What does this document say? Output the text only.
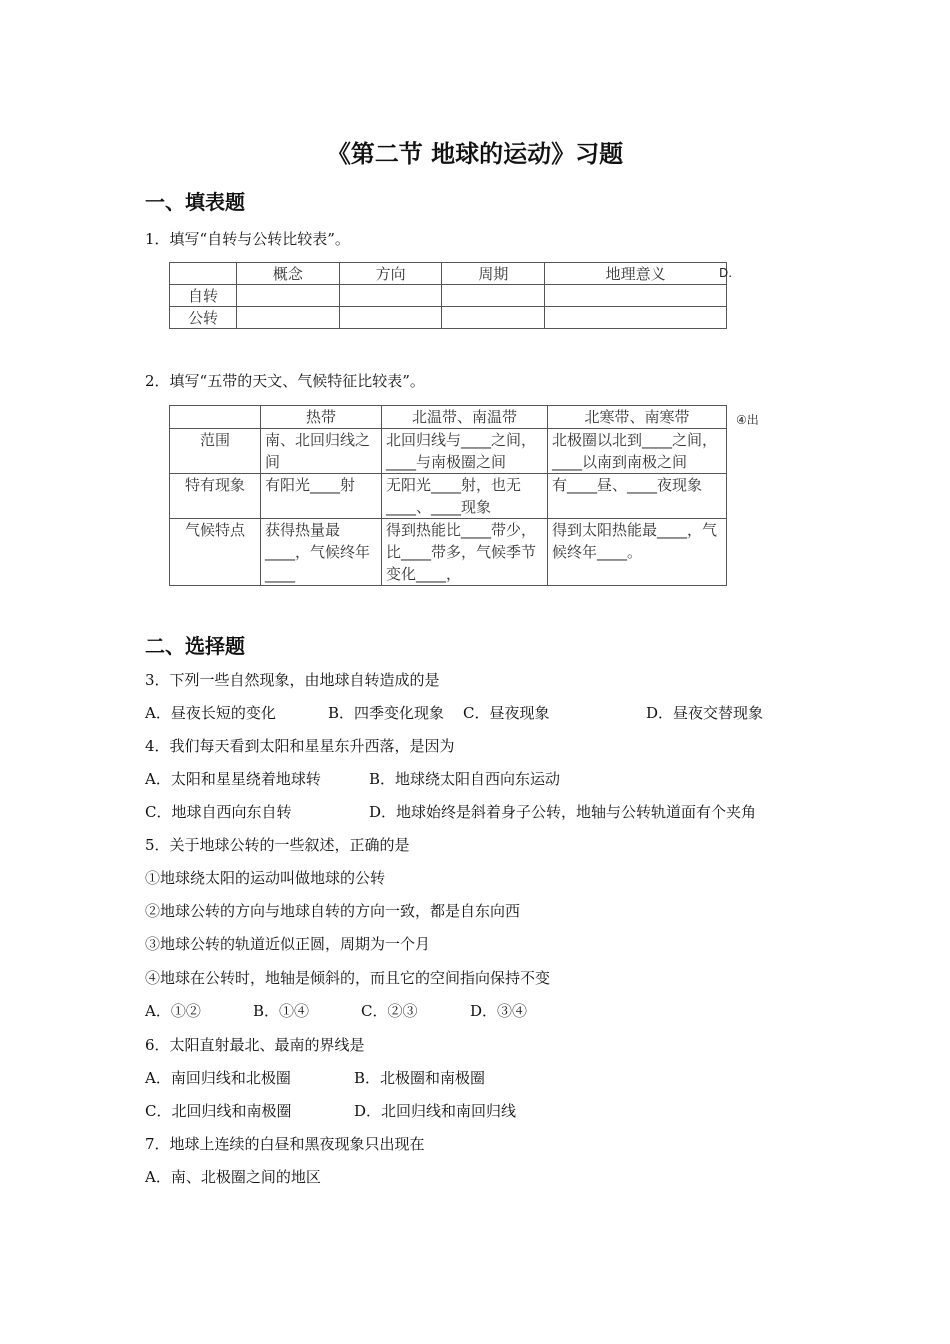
《第二节 地球的运动》习题
一、填表题
1．填写“自转与公转比较表”。
	概念	方向	周期	地理意义
自转				
公转				
D.
2．填写“五带的天文、气候特征比较表”。
	热带	北温带、南温带	北寒带、南寒带
范围	南、北回归线之间	北回归线与____之间，____与南极圈之间	北极圈以北到____之间，____以南到南极之间
特有现象	有阳光____射	无阳光____射，也无____、____现象	有____昼、____夜现象
气候特点	获得热量最____，气候终年____	得到热能比____带少，比____带多，气候季节变化____，	得到太阳热能最____，气候终年____。
④出
二、选择题
3．下列一些自然现象，由地球自转造成的是
A．昼夜长短的变化	B．四季变化现象 C．昼夜现象	D．昼夜交替现象
4．我们每天看到太阳和星星东升西落，是因为
A．太阳和星星绕着地球转	B．地球绕太阳自西向东运动
C．地球自西向东自转	D．地球始终是斜着身子公转，地轴与公转轨道面有个夹角
5．关于地球公转的一些叙述，正确的是
①地球绕太阳的运动叫做地球的公转
②地球公转的方向与地球自转的方向一致，都是自东向西
③地球公转的轨道近似正圆，周期为一个月
④地球在公转时，地轴是倾斜的，而且它的空间指向保持不变
A．①②	B．①④	C．②③	D．③④
6．太阳直射最北、最南的界线是
A．南回归线和北极圈	B．北极圈和南极圈
C．北回归线和南极圈	D．北回归线和南回归线
7．地球上连续的白昼和黑夜现象只出现在
A．南、北极圈之间的地区
